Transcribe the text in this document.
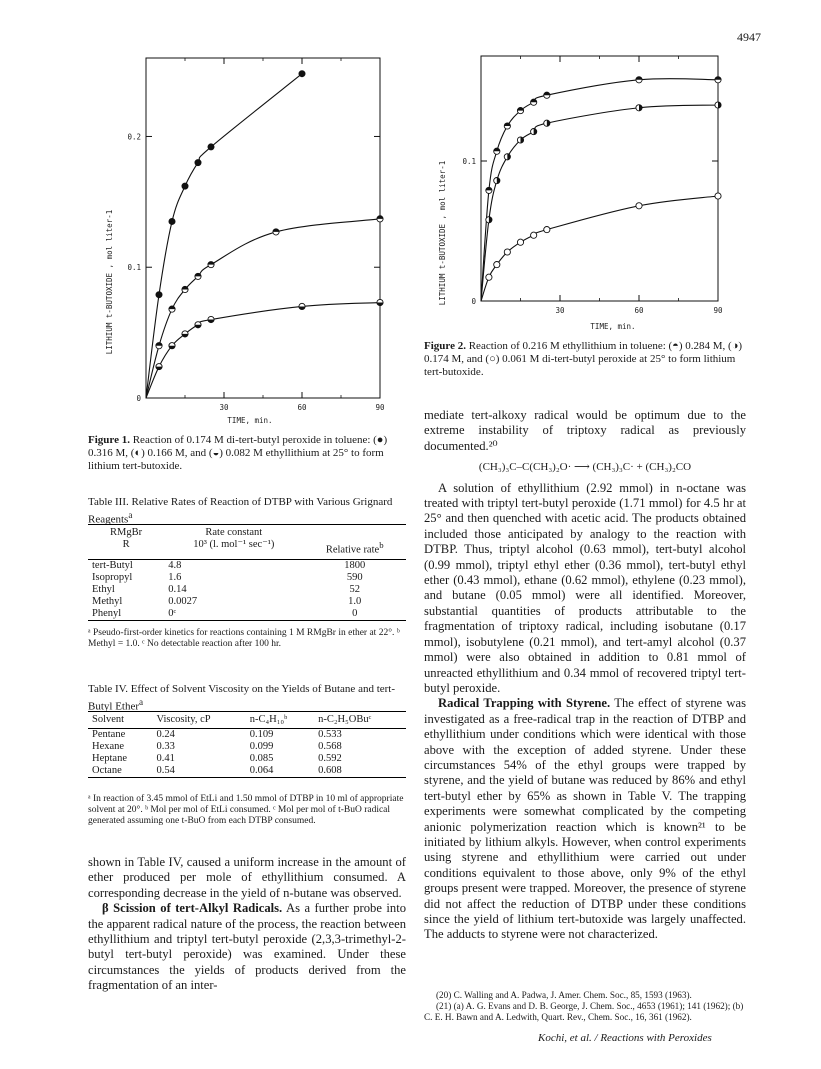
4947
30	60	90
0
0.1
0.2
LITHIUM t-BUTOXIDE , mol liter-1
TIME, min.
Figure 1. Reaction of 0.174 M di-tert-butyl peroxide in toluene: (●) 0.316 M, (◐) 0.166 M, and (◒) 0.082 M ethyllithium at 25° to form lithium tert-butoxide.
Table III. Relative Rates of Reaction of DTBP with Various Grignard Reagents$^a$
RMgBr	Rate constant	
R	10³ (l. mol⁻¹ sec⁻¹)	Relative rate$^b$
tert-Butyl	4.8	1800
Isopropyl	1.6	590
Ethyl	0.14	52
Methyl	0.0027	1.0
Phenyl	0ᶜ	0
ᵃ Pseudo-first-order kinetics for reactions containing 1 M RMgBr in ether at 22°. ᵇ Methyl = 1.0. ᶜ No detectable reaction after 100 hr.
Table IV. Effect of Solvent Viscosity on the Yields of Butane and tert-Butyl Ether$^a$
Solvent	Viscosity, cP	n-C₄H₁₀ᵇ	n-C₂H₅OBuᶜ
Pentane	0.24	0.109	0.533
Hexane	0.33	0.099	0.568
Heptane	0.41	0.085	0.592
Octane	0.54	0.064	0.608
ᵃ In reaction of 3.45 mmol of EtLi and 1.50 mmol of DTBP in 10 ml of appropriate solvent at 20°. ᵇ Mol per mol of EtLi consumed. ᶜ Mol per mol of t-BuO radical generated assuming one t-BuO from each DTBP consumed.

shown in Table IV, caused a uniform increase in the amount of ether produced per mole of ethyllithium consumed. A corresponding decrease in the yield of n-butane was observed.

β Scission of tert-Alkyl Radicals. As a further probe into the apparent radical nature of the process, the reaction between ethyllithium and triptyl tert-butyl peroxide (2,3,3-trimethyl-2-butyl tert-butyl peroxide) was examined. Under these circumstances the yields of products derived from the fragmentation of an inter-

30	60	90
0
0.1
LITHIUM t-BUTOXIDE , mol liter-1
TIME, min.
Figure 2. Reaction of 0.216 M ethyllithium in toluene: (◓) 0.284 M, (◑) 0.174 M, and (○) 0.061 M di-tert-butyl peroxide at 25° to form lithium tert-butoxide.

mediate tert-alkoxy radical would be optimum due to the extreme instability of triptoxy radical as previously documented.²⁰

(CH₃)₃C–C(CH₃)₂O· ⟶ (CH₃)₃C· + (CH₃)₂CO

A solution of ethyllithium (2.92 mmol) in n-octane was treated with triptyl tert-butyl peroxide (1.71 mmol) for 4.5 hr at 25° and then quenched with acetic acid. The products obtained included those anticipated by analogy to the reaction with DTBP. Thus, triptyl alcohol (0.63 mmol), tert-butyl alcohol (0.99 mmol), triptyl ethyl ether (0.36 mmol), tert-butyl ethyl ether (0.43 mmol), ethane (0.62 mmol), ethylene (0.23 mmol), and butane (0.05 mmol) were all identified. Moreover, substantial quantities of products attributable to the fragmentation of triptoxy radical, including isobutane (0.17 mmol), isobutylene (0.21 mmol), and tert-amyl alcohol (0.37 mmol) were also obtained in addition to 0.81 mmol of unreacted ethyllithium and 0.34 mmol of recovered triptyl tert-butyl peroxide.

Radical Trapping with Styrene. The effect of styrene was investigated as a free-radical trap in the reaction of DTBP and ethyllithium under conditions which were identical with those above with the exception of added styrene. Under these circumstances 54% of the ethyl groups were trapped by styrene, and the yield of butane was reduced by 86% and ethyl tert-butyl ether by 65% as shown in Table V. The trapping experiments were somewhat complicated by the competing anionic polymerization reaction which is known²¹ to be initiated by lithium alkyls. However, when control experiments using styrene and ethyllithium were carried out under conditions equivalent to those above, only 9% of the ethyl groups present were trapped. Moreover, the presence of styrene did not affect the reduction of DTBP under these conditions since the yield of lithium tert-butoxide was largely unaffected. The adducts to styrene were not characterized.

(20) C. Walling and A. Padwa, J. Amer. Chem. Soc., 85, 1593 (1963).
(21) (a) A. G. Evans and D. B. George, J. Chem. Soc., 4653 (1961); 141 (1962); (b) C. E. H. Bawn and A. Ledwith, Quart. Rev., Chem. Soc., 16, 361 (1962).
Kochi, et al. / Reactions with Peroxides
